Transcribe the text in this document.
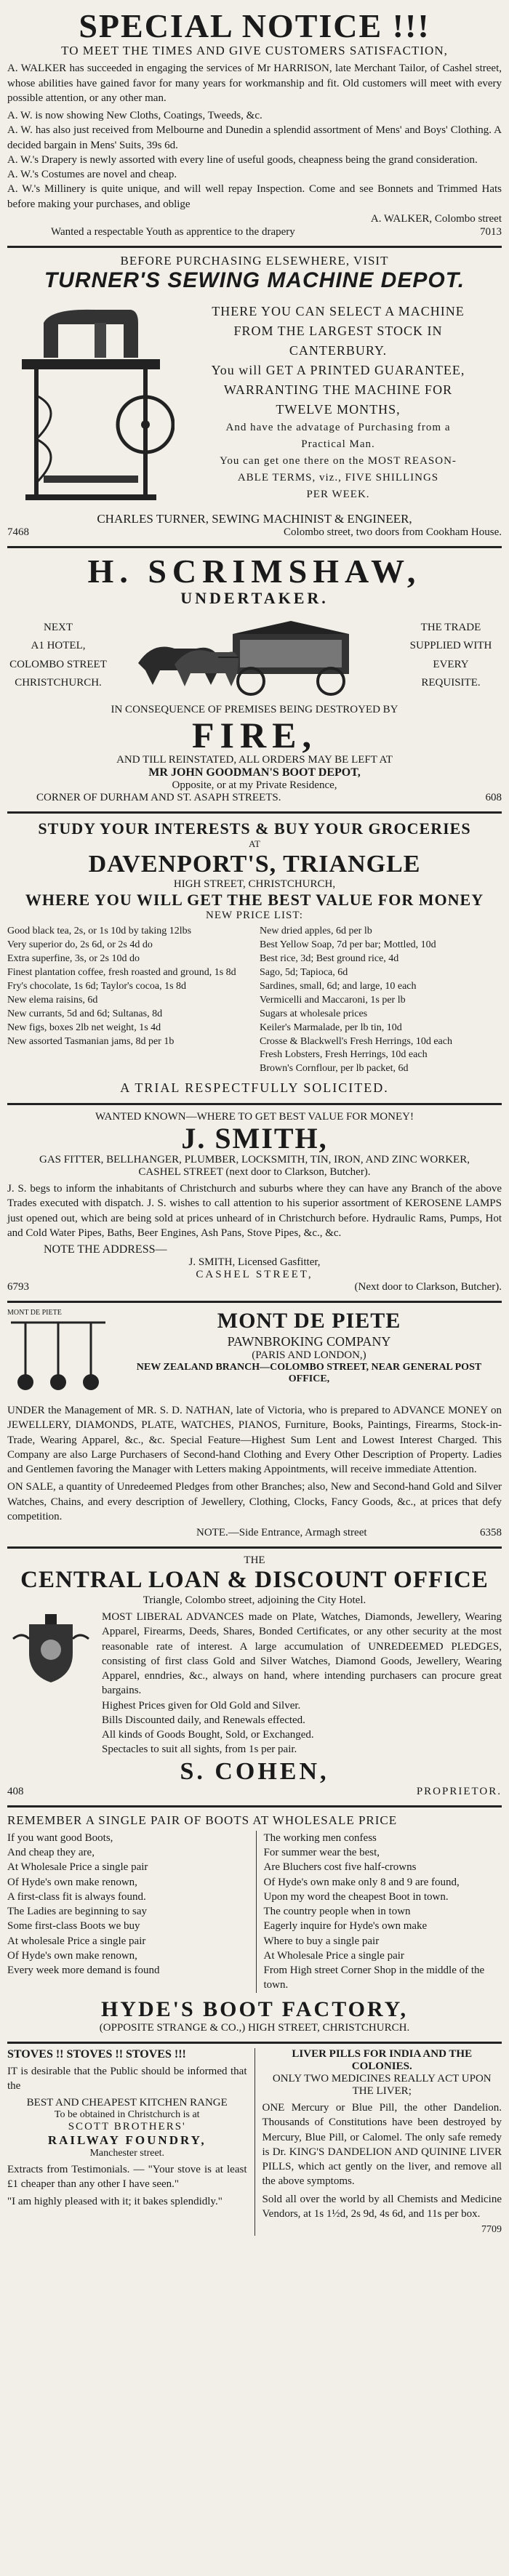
SPECIAL NOTICE !!!
TO MEET THE TIMES AND GIVE CUSTOMERS SATISFACTION,

A. WALKER has succeeded in engaging the services of Mr HARRISON, late Merchant Tailor, of Cashel street, whose abilities have gained favor for many years for workmanship and fit. Old customers will meet with every possible attention, or any other man.

A. W. is now showing New Cloths, Coatings, Tweeds, &c.
A. W. has also just received from Melbourne and Dunedin a splendid assortment of Mens' and Boys' Clothing. A decided bargain in Mens' Suits, 39s 6d.
A. W.'s Drapery is newly assorted with every line of useful goods, cheapness being the grand consideration.
A. W.'s Costumes are novel and cheap.
A. W.'s Millinery is quite unique, and will well repay Inspection. Come and see Bonnets and Trimmed Hats before making your purchases, and oblige
A. WALKER, Colombo street
Wanted a respectable Youth as apprentice to the drapery	7013
BEFORE PURCHASING ELSEWHERE, VISIT
TURNER'S SEWING MACHINE DEPOT.
THERE YOU CAN SELECT A MACHINE
FROM THE LARGEST STOCK IN
CANTERBURY.
You will GET A PRINTED GUARANTEE,
WARRANTING THE MACHINE FOR
TWELVE MONTHS,
And have the advatage of Purchasing from a
Practical Man.
You can get one there on the MOST REASON-
ABLE TERMS, viz., FIVE SHILLINGS
PER WEEK.
CHARLES TURNER, SEWING MACHINIST & ENGINEER,
7468	Colombo street, two doors from Cookham House.
H. SCRIMSHAW,
UNDERTAKER.
NEXT
A1 HOTEL,
COLOMBO STREET
CHRISTCHURCH.
THE TRADE
SUPPLIED WITH
EVERY
REQUISITE.
IN CONSEQUENCE OF PREMISES BEING DESTROYED BY
FIRE,
AND TILL REINSTATED, ALL ORDERS MAY BE LEFT AT
MR JOHN GOODMAN'S BOOT DEPOT,
Opposite, or at my Private Residence,
CORNER OF DURHAM AND ST. ASAPH STREETS.	608
STUDY YOUR INTERESTS & BUY YOUR GROCERIES
AT
DAVENPORT'S, TRIANGLE
HIGH STREET, CHRISTCHURCH,
WHERE YOU WILL GET THE BEST VALUE FOR MONEY
NEW PRICE LIST:
Good black tea, 2s, or 1s 10d by taking 12lbs
Very superior do, 2s 6d, or 2s 4d do
Extra superfine, 3s, or 2s 10d do
Finest plantation coffee, fresh roasted and ground, 1s 8d
Fry's chocolate, 1s 6d; Taylor's cocoa, 1s 8d
New elema raisins, 6d
New currants, 5d and 6d; Sultanas, 8d
New figs, boxes 2lb net weight, 1s 4d
New assorted Tasmanian jams, 8d per 1b
New dried apples, 6d per lb
Best Yellow Soap, 7d per bar; Mottled, 10d
Best rice, 3d; Best ground rice, 4d
Sago, 5d; Tapioca, 6d
Sardines, small, 6d; and large, 10 each
Vermicelli and Maccaroni, 1s per lb
Sugars at wholesale prices
Keiler's Marmalade, per lb tin, 10d
Crosse & Blackwell's Fresh Herrings, 10d each
Fresh Lobsters, Fresh Herrings, 10d each
Brown's Cornflour, per lb packet, 6d
A TRIAL RESPECTFULLY SOLICITED.
WANTED KNOWN—WHERE TO GET BEST VALUE FOR MONEY!
J. SMITH,
GAS FITTER, BELLHANGER, PLUMBER, LOCKSMITH, TIN, IRON, AND ZINC WORKER,
CASHEL STREET (next door to Clarkson, Butcher).

J. S. begs to inform the inhabitants of Christchurch and suburbs where they can have any Branch of the above Trades executed with dispatch. J. S. wishes to call attention to his superior assortment of KEROSENE LAMPS just opened out, which are being sold at prices unheard of in Christchurch before. Hydraulic Rams, Pumps, Hot and Cold Water Pipes, Baths, Beer Engines, Ash Pans, Stove Pipes, &c., &c.

NOTE THE ADDRESS—
J. SMITH, Licensed Gasfitter,
CASHEL STREET,
6793	(Next door to Clarkson, Butcher).
MONT DE PIETE	MONT DE PIETE
PAWNBROKING COMPANY
(PARIS AND LONDON,)
NEW ZEALAND BRANCH—COLOMBO STREET, NEAR GENERAL POST OFFICE,

UNDER the Management of MR. S. D. NATHAN, late of Victoria, who is prepared to ADVANCE MONEY on JEWELLERY, DIAMONDS, PLATE, WATCHES, PIANOS, Furniture, Books, Paintings, Firearms, Stock-in-Trade, Wearing Apparel, &c., &c. Special Feature—Highest Sum Lent and Lowest Interest Charged. This Company are also Large Purchasers of Second-hand Clothing and Every Other Description of Property. Ladies and Gentlemen favoring the Manager with Letters making Appointments, will receive immediate Attention.

ON SALE, a quantity of Unredeemed Pledges from other Branches; also, New and Second-hand Gold and Silver Watches, Chains, and every description of Jewellery, Clothing, Clocks, Fancy Goods, &c., at prices that defy competition.

NOTE.—Side Entrance, Armagh street	6358
THE
CENTRAL LOAN & DISCOUNT OFFICE
Triangle, Colombo street, adjoining the City Hotel.

MOST LIBERAL ADVANCES made on Plate, Watches, Diamonds, Jewellery, Wearing Apparel, Firearms, Deeds, Shares, Bonded Certificates, or any other security at the most reasonable rate of interest. A large accumulation of UNREDEEMED PLEDGES, consisting of first class Gold and Silver Watches, Diamond Goods, Jewellery, Wearing Apparel, enndries, &c., always on hand, where intending purchasers can procure great bargains.

Highest Prices given for Old Gold and Silver.
Bills Discounted daily, and Renewals effected.
All kinds of Goods Bought, Sold, or Exchanged.
Spectacles to suit all sights, from 1s per pair.
S. COHEN,
408	PROPRIETOR.
REMEMBER A SINGLE PAIR OF BOOTS AT WHOLESALE PRICE
If you want good Boots,
And cheap they are,
At Wholesale Price a single pair
Of Hyde's own make renown,
A first-class fit is always found.
The Ladies are beginning to say
Some first-class Boots we buy
At wholesale Price a single pair
Of Hyde's own make renown,
Every week more demand is found
The working men confess
For summer wear the best,
Are Bluchers cost five half-crowns
Of Hyde's own make only 8 and 9 are found,
Upon my word the cheapest Boot in town.
The country people when in town
Eagerly inquire for Hyde's own make
Where to buy a single pair
At Wholesale Price a single pair
From High street Corner Shop in the middle of the town.
HYDE'S BOOT FACTORY,
(OPPOSITE STRANGE & CO.,) HIGH STREET, CHRISTCHURCH.
STOVES !! STOVES !! STOVES !!!

IT is desirable that the Public should be informed that the

BEST AND CHEAPEST KITCHEN RANGE
To be obtained in Christchurch is at
SCOTT BROTHERS'
RAILWAY FOUNDRY,
Manchester street.

Extracts from Testimonials. — "Your stove is at least £1 cheaper than any other I have seen."

"I am highly pleased with it; it bakes splendidly."
LIVER PILLS FOR INDIA AND THE COLONIES.
ONLY TWO MEDICINES REALLY ACT UPON THE LIVER;

ONE Mercury or Blue Pill, the other Dandelion. Thousands of Constitutions have been destroyed by Mercury, Blue Pill, or Calomel. The only safe remedy is Dr. KING'S DANDELION AND QUININE LIVER PILLS, which act gently on the liver, and remove all the above symptoms.

Sold all over the world by all Chemists and Medicine Vendors, at 1s 1½d, 2s 9d, 4s 6d, and 11s per box.

7709
